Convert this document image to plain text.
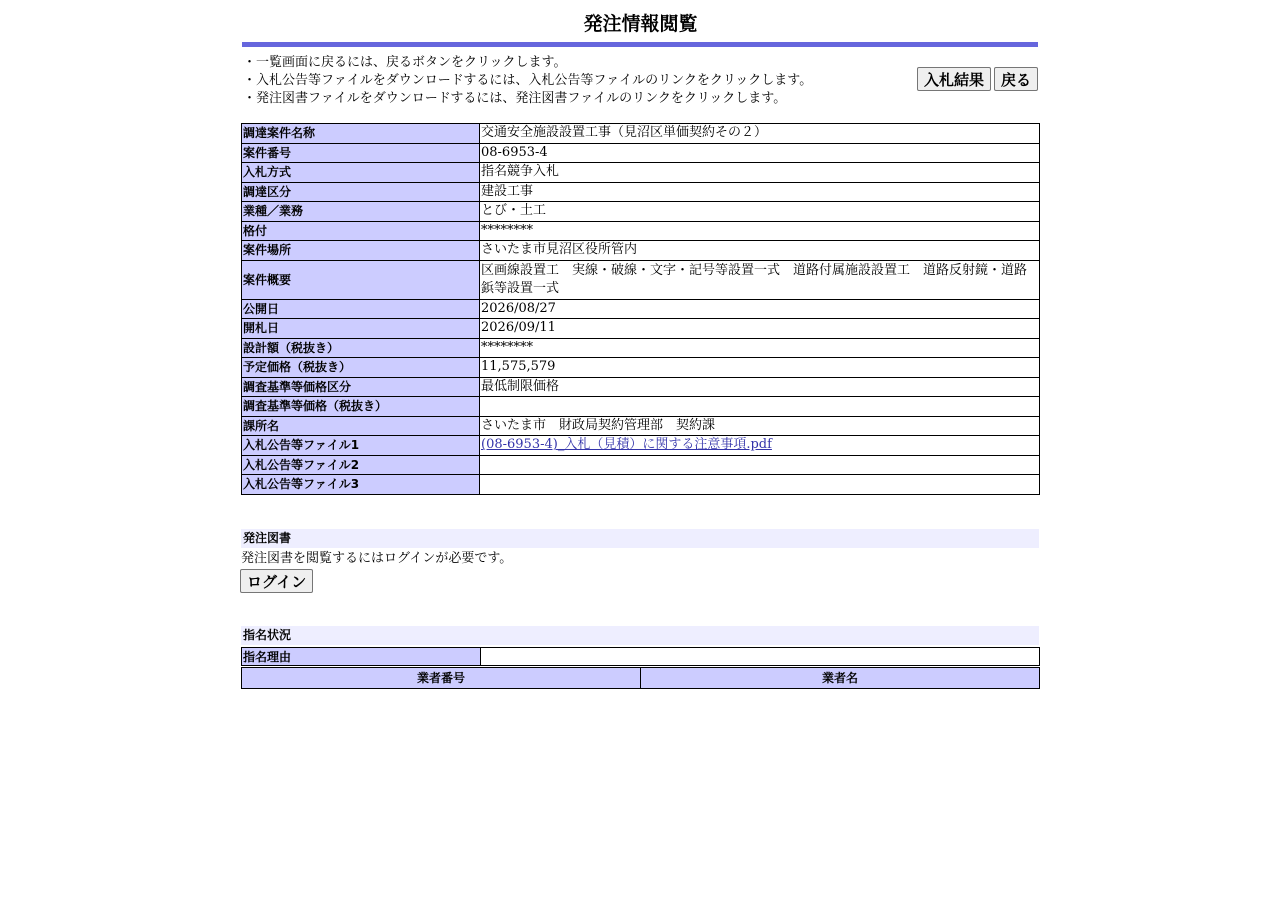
発注情報閲覧
・一覧画面に戻るには、戻るボタンをクリックします。
・入札公告等ファイルをダウンロードするには、入札公告等ファイルのリンクをクリックします。
・発注図書ファイルをダウンロードするには、発注図書ファイルのリンクをクリックします。
入札結果	戻る
調達案件名称	交通安全施設設置工事（見沼区単価契約その２）
案件番号	08-6953-4
入札方式	指名競争入札
調達区分	建設工事
業種／業務	とび・土工
格付	********
案件場所	さいたま市見沼区役所管内
案件概要	区画線設置工　実線・破線・文字・記号等設置一式　道路付属施設設置工　道路反射鏡・道路鋲等設置一式
公開日	2026/08/27
開札日	2026/09/11
設計額（税抜き）	********
予定価格（税抜き）	11,575,579
調査基準等価格区分	最低制限価格
調査基準等価格（税抜き）	
課所名	さいたま市　財政局契約管理部　契約課
入札公告等ファイル1	(08-6953-4)_入札（見積）に関する注意事項.pdf
入札公告等ファイル2	
入札公告等ファイル3	
発注図書
発注図書を閲覧するにはログインが必要です。
ログイン
指名状況
指名理由	
業者番号	業者名
